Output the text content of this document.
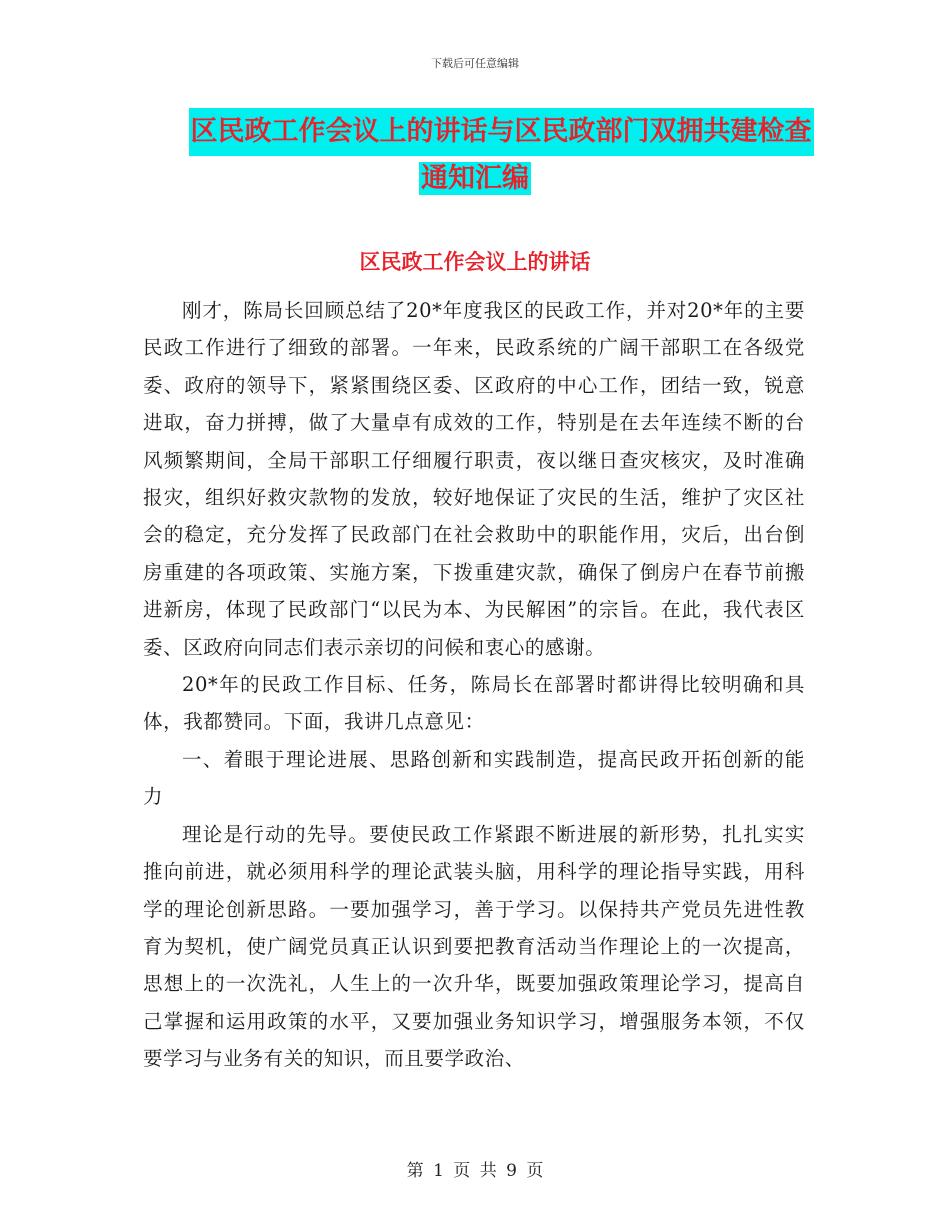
下载后可任意编辑
区民政工作会议上的讲话与区民政部门双拥共建检查
通知汇编
区民政工作会议上的讲话

刚才，陈局长回顾总结了20*年度我区的民政工作，并对20*年的主要民政工作进行了细致的部署。一年来，民政系统的广阔干部职工在各级党委、政府的领导下，紧紧围绕区委、区政府的中心工作，团结一致，锐意进取，奋力拼搏，做了大量卓有成效的工作，特别是在去年连续不断的台风频繁期间，全局干部职工仔细履行职责，夜以继日查灾核灾，及时准确报灾，组织好救灾款物的发放，较好地保证了灾民的生活，维护了灾区社会的稳定，充分发挥了民政部门在社会救助中的职能作用，灾后，出台倒房重建的各项政策、实施方案，下拨重建灾款，确保了倒房户在春节前搬进新房，体现了民政部门“以民为本、为民解困”的宗旨。在此，我代表区委、区政府向同志们表示亲切的问候和衷心的感谢。

20*年的民政工作目标、任务，陈局长在部署时都讲得比较明确和具体，我都赞同。下面，我讲几点意见：

一、着眼于理论进展、思路创新和实践制造，提高民政开拓创新的能力

理论是行动的先导。要使民政工作紧跟不断进展的新形势，扎扎实实推向前进，就必须用科学的理论武装头脑，用科学的理论指导实践，用科学的理论创新思路。一要加强学习，善于学习。以保持共产党员先进性教育为契机，使广阔党员真正认识到要把教育活动当作理论上的一次提高，思想上的一次洗礼，人生上的一次升华，既要加强政策理论学习，提高自己掌握和运用政策的水平，又要加强业务知识学习，增强服务本领，不仅要学习与业务有关的知识，而且要学政治、

第 1 页 共 9 页
